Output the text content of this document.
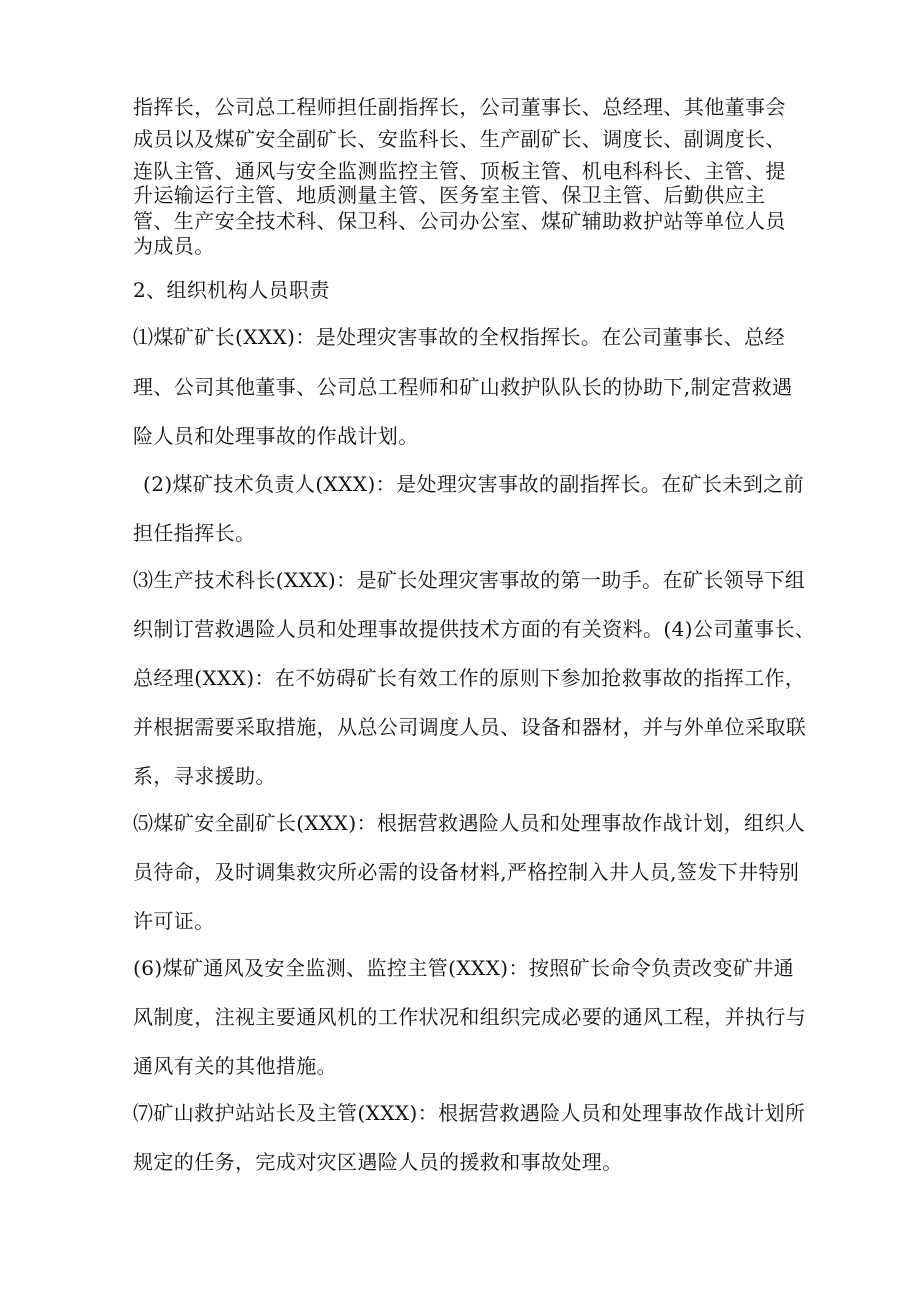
指挥长，公司总工程师担任副指挥长，公司董事长、总经理、其他董事会
成员以及煤矿安全副矿长、安监科长、生产副矿长、调度长、副调度长、
连队主管、通风与安全监测监控主管、顶板主管、机电科科长、主管、提
升运输运行主管、地质测量主管、医务室主管、保卫主管、后勤供应主
管、生产安全技术科、保卫科、公司办公室、煤矿辅助救护站等单位人员
为成员。
2、组织机构人员职责
⑴煤矿矿长(XXX)：是处理灾害事故的全权指挥长。在公司董事长、总经
理、公司其他董事、公司总工程师和矿山救护队队长的协助下,制定营救遇
险人员和处理事故的作战计划。
(2)煤矿技术负责人(XXX)：是处理灾害事故的副指挥长。在矿长未到之前
担任指挥长。
⑶生产技术科长(XXX)：是矿长处理灾害事故的第一助手。在矿长领导下组
织制订营救遇险人员和处理事故提供技术方面的有关资料。(4)公司董事长、
总经理(XXX)：在不妨碍矿长有效工作的原则下参加抢救事故的指挥工作，
并根据需要采取措施，从总公司调度人员、设备和器材，并与外单位采取联
系，寻求援助。
⑸煤矿安全副矿长(XXX)：根据营救遇险人员和处理事故作战计划，组织人
员待命，及时调集救灾所必需的设备材料,严格控制入井人员,签发下井特别
许可证。
(6)煤矿通风及安全监测、监控主管(XXX)：按照矿长命令负责改变矿井通
风制度，注视主要通风机的工作状况和组织完成必要的通风工程，并执行与
通风有关的其他措施。
⑺矿山救护站站长及主管(XXX)：根据营救遇险人员和处理事故作战计划所
规定的任务，完成对灾区遇险人员的援救和事故处理。
